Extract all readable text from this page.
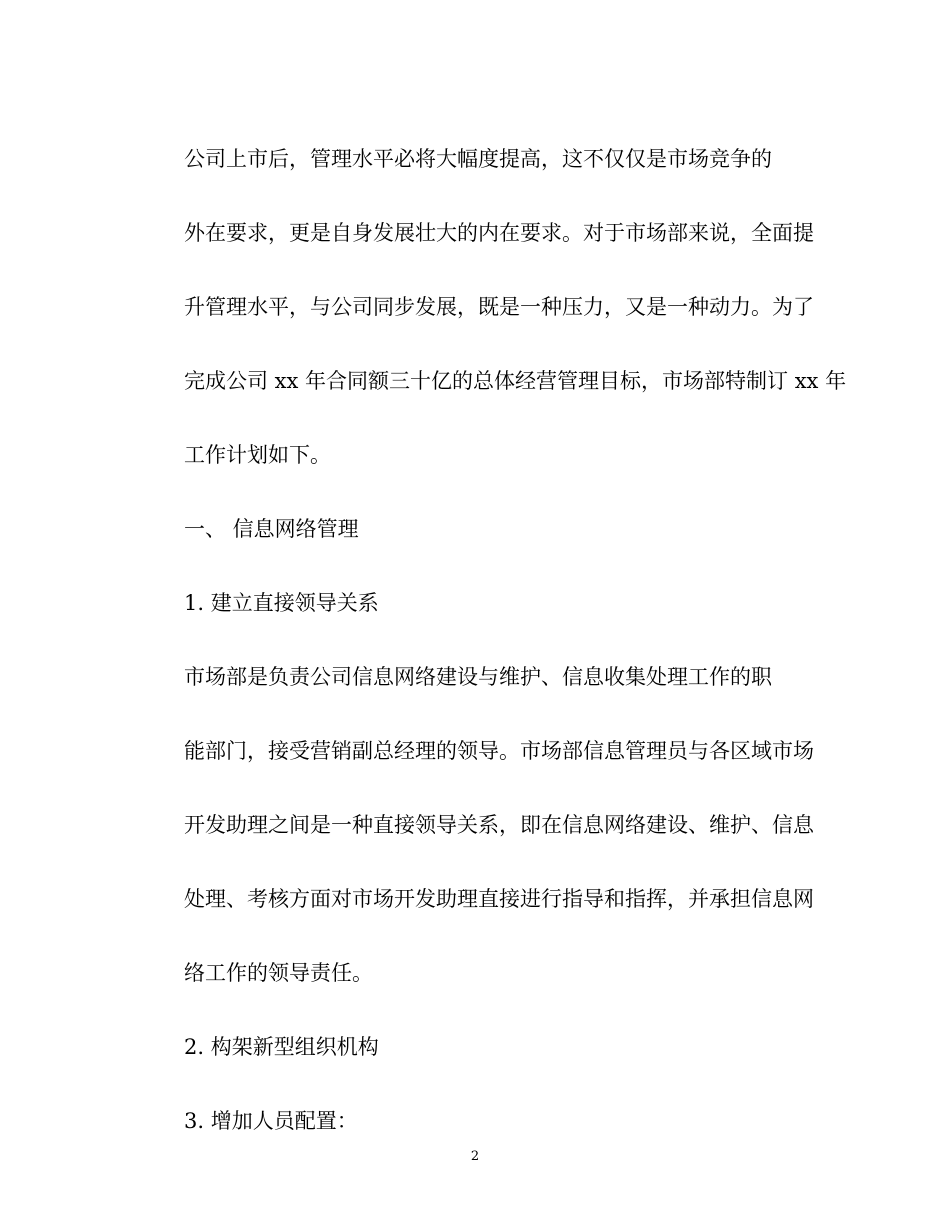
公司上市后，管理水平必将大幅度提高，这不仅仅是市场竞争的
外在要求，更是自身发展壮大的内在要求。对于市场部来说，全面提
升管理水平，与公司同步发展，既是一种压力，又是一种动力。为了
完成公司 xx 年合同额三十亿的总体经营管理目标，市场部特制订 xx 年
工作计划如下。

一、 信息网络管理

1. 建立直接领导关系

市场部是负责公司信息网络建设与维护、信息收集处理工作的职
能部门，接受营销副总经理的领导。市场部信息管理员与各区域市场
开发助理之间是一种直接领导关系，即在信息网络建设、维护、信息
处理、考核方面对市场开发助理直接进行指导和指挥，并承担信息网
络工作的领导责任。

2. 构架新型组织机构

3. 增加人员配置：

2
